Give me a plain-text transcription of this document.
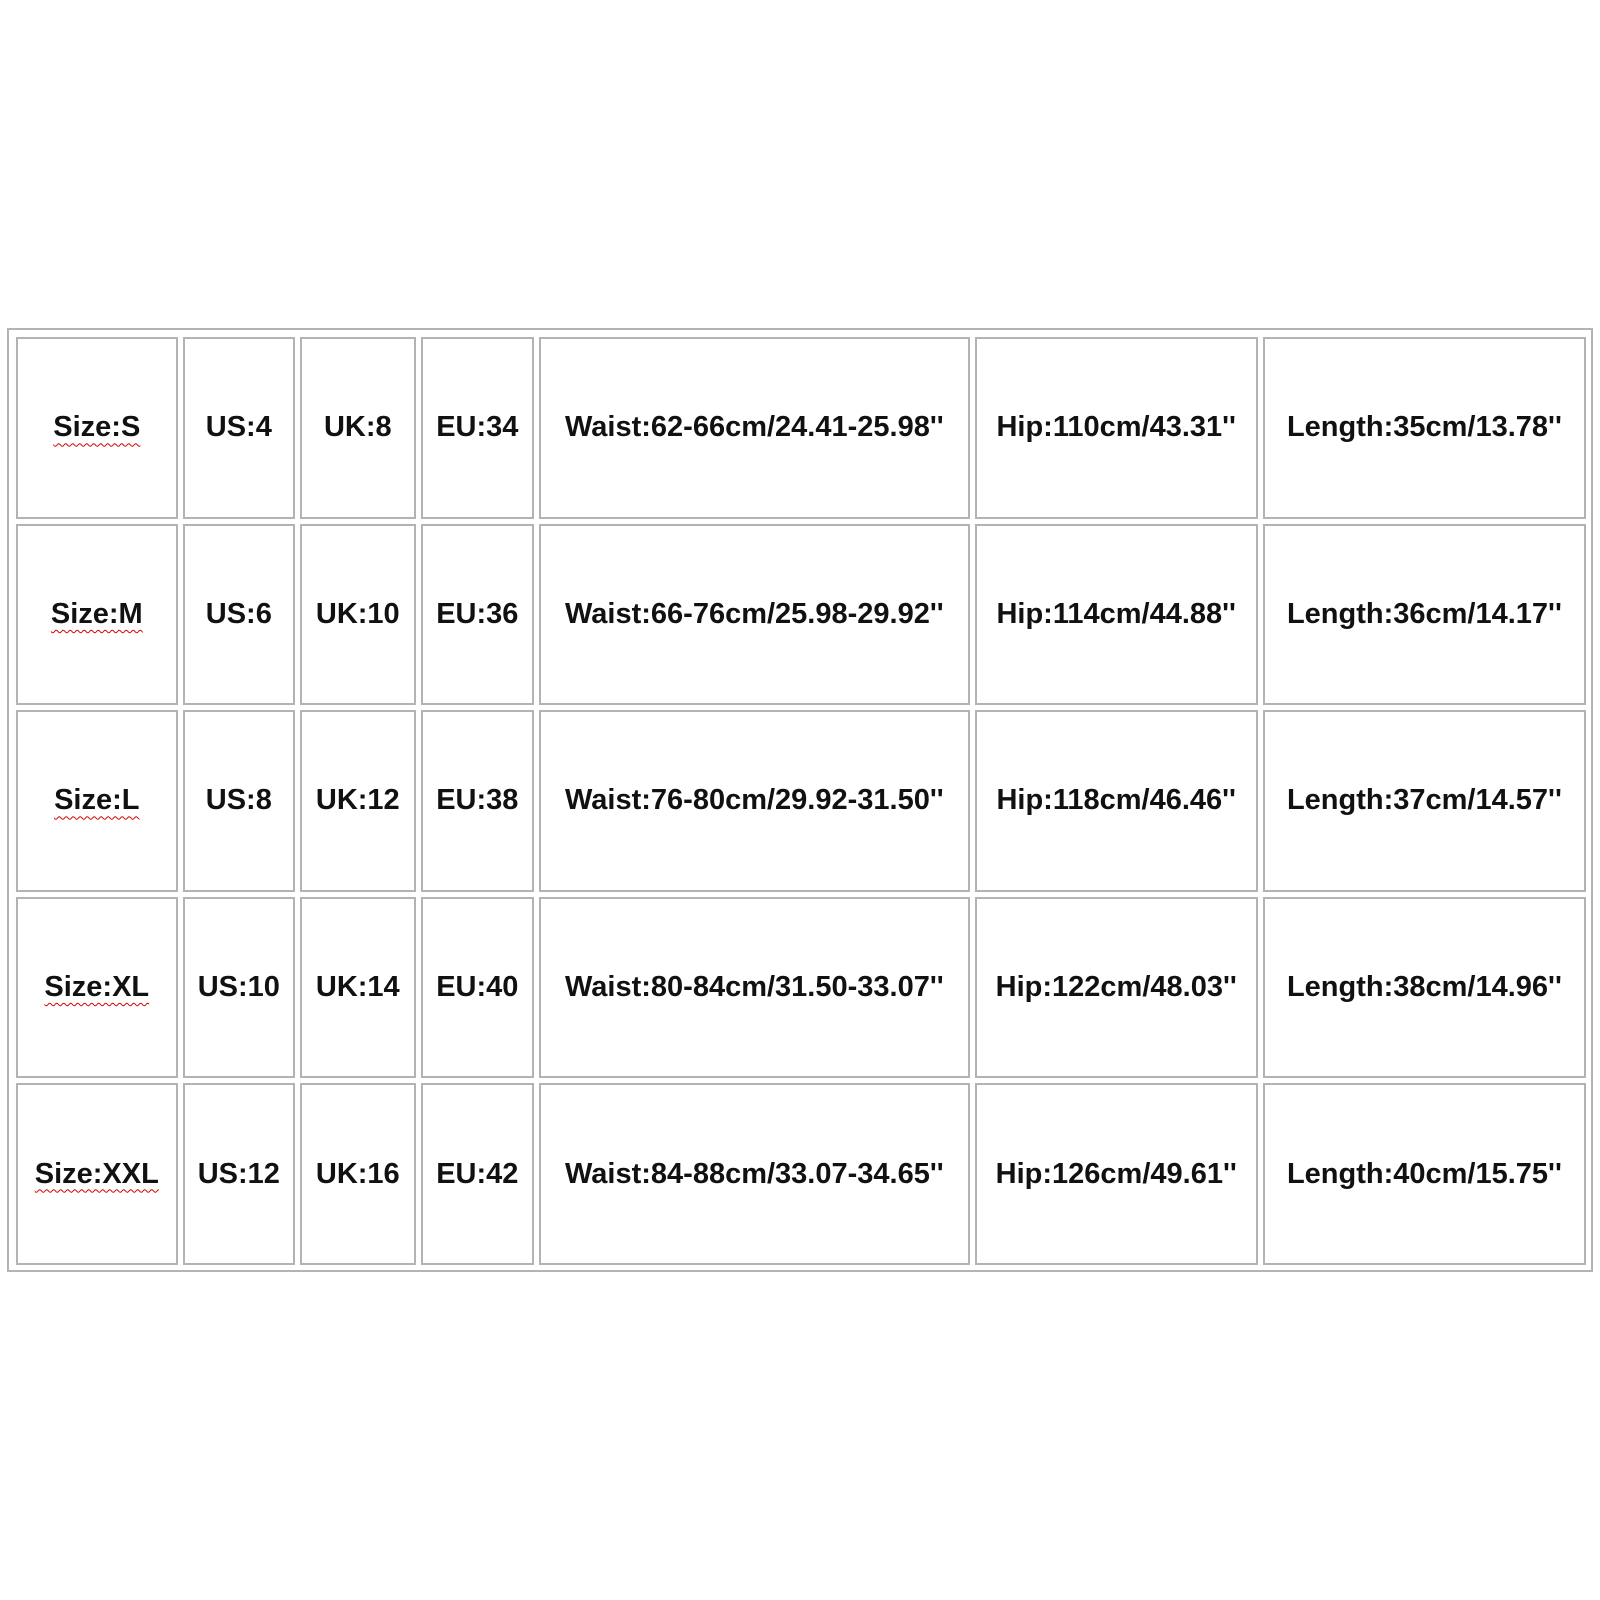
Size:S	US:4	UK:8	EU:34	Waist:62-66cm/24.41-25.98''	Hip:110cm/43.31''	Length:35cm/13.78''
Size:M	US:6	UK:10	EU:36	Waist:66-76cm/25.98-29.92''	Hip:114cm/44.88''	Length:36cm/14.17''
Size:L	US:8	UK:12	EU:38	Waist:76-80cm/29.92-31.50''	Hip:118cm/46.46''	Length:37cm/14.57''
Size:XL	US:10	UK:14	EU:40	Waist:80-84cm/31.50-33.07''	Hip:122cm/48.03''	Length:38cm/14.96''
Size:XXL	US:12	UK:16	EU:42	Waist:84-88cm/33.07-34.65''	Hip:126cm/49.61''	Length:40cm/15.75''
